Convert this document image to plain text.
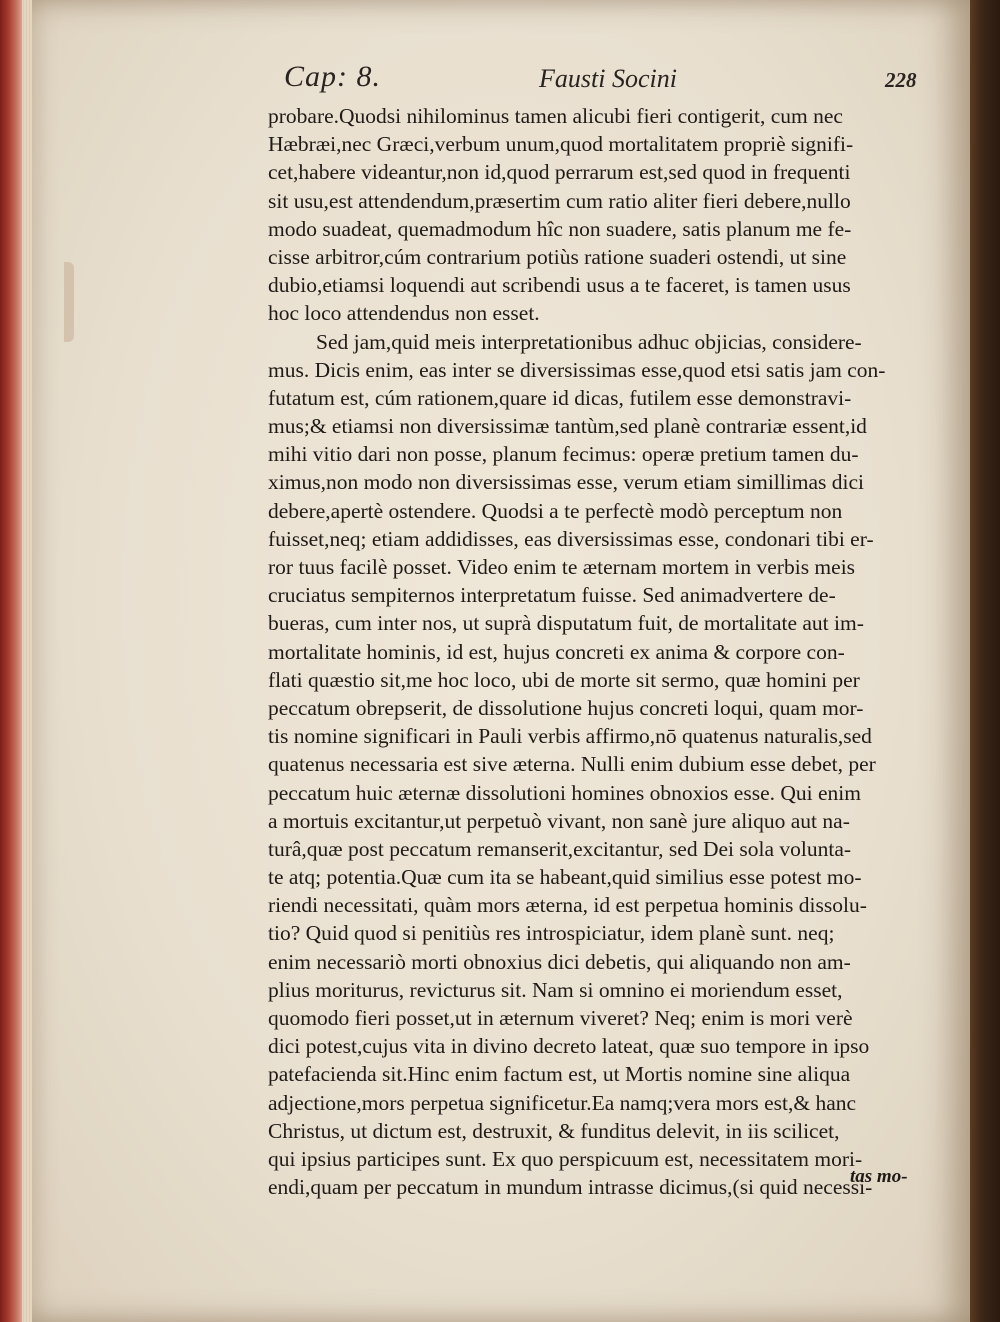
Cap: 8.	Fausti Socini	228
probare.Quodsi nihilominus tamen alicubi fieri contigerit, cum nec
Hæbræi,nec Græci,verbum unum,quod mortalitatem propriè signifi-
cet,habere videantur,non id,quod perrarum est,sed quod in frequenti
sit usu,est attendendum,præsertim cum ratio aliter fieri debere,nullo
modo suadeat, quemadmodum hîc non suadere, satis planum me fe-
cisse arbitror,cúm contrarium potiùs ratione suaderi ostendi, ut sine
dubio,etiamsi loquendi aut scribendi usus a te faceret, is tamen usus
hoc loco attendendus non esset.
Sed jam,quid meis interpretationibus adhuc objicias, considere-
mus. Dicis enim, eas inter se diversissimas esse,quod etsi satis jam con-
futatum est, cúm rationem,quare id dicas, futilem esse demonstravi-
mus;& etiamsi non diversissimæ tantùm,sed planè contrariæ essent,id
mihi vitio dari non posse, planum fecimus: operæ pretium tamen du-
ximus,non modo non diversissimas esse, verum etiam simillimas dici
debere,apertè ostendere. Quodsi a te perfectè modò perceptum non
fuisset,neq; etiam addidisses, eas diversissimas esse, condonari tibi er-
ror tuus facilè posset. Video enim te æternam mortem in verbis meis
cruciatus sempiternos interpretatum fuisse. Sed animadvertere de-
bueras, cum inter nos, ut suprà disputatum fuit, de mortalitate aut im-
mortalitate hominis, id est, hujus concreti ex anima & corpore con-
flati quæstio sit,me hoc loco, ubi de morte sit sermo, quæ homini per
peccatum obrepserit, de dissolutione hujus concreti loqui, quam mor-
tis nomine significari in Pauli verbis affirmo,nō quatenus naturalis,sed
quatenus necessaria est sive æterna. Nulli enim dubium esse debet, per
peccatum huic æternæ dissolutioni homines obnoxios esse. Qui enim
a mortuis excitantur,ut perpetuò vivant, non sanè jure aliquo aut na-
turâ,quæ post peccatum remanserit,excitantur, sed Dei sola volunta-
te atq; potentia.Quæ cum ita se habeant,quid similius esse potest mo-
riendi necessitati, quàm mors æterna, id est perpetua hominis dissolu-
tio? Quid quod si penitiùs res introspiciatur, idem planè sunt. neq;
enim necessariò morti obnoxius dici debetis, qui aliquando non am-
plius moriturus, revicturus sit. Nam si omnino ei moriendum esset,
quomodo fieri posset,ut in æternum viveret? Neq; enim is mori verè
dici potest,cujus vita in divino decreto lateat, quæ suo tempore in ipso
patefacienda sit.Hinc enim factum est, ut Mortis nomine sine aliqua
adjectione,mors perpetua significetur.Ea namq;vera mors est,& hanc
Christus, ut dictum est, destruxit, & funditus delevit, in iis scilicet,
qui ipsius participes sunt. Ex quo perspicuum est, necessitatem mori-
endi,quam per peccatum in mundum intrasse dicimus,(si quid necessi-
tas mo-
